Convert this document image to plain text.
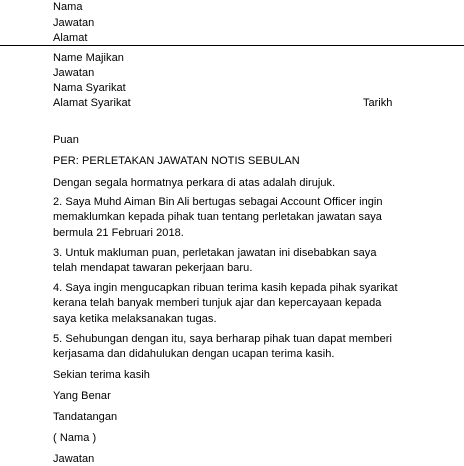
Nama
Jawatan
Alamat
Name Majikan
Jawatan
Nama Syarikat
Alamat Syarikat	Tarikh
Puan
PER: PERLETAKAN JAWATAN NOTIS SEBULAN
Dengan segala hormatnya perkara di atas adalah dirujuk.
2. Saya Muhd Aiman Bin Ali bertugas sebagai Account Officer ingin
memaklumkan kepada pihak tuan tentang perletakan jawatan saya
bermula 21 Februari 2018.
3. Untuk makluman puan, perletakan jawatan ini disebabkan saya
telah mendapat tawaran pekerjaan baru.
4. Saya ingin mengucapkan ribuan terima kasih kepada pihak syarikat
kerana telah banyak memberi tunjuk ajar dan kepercayaan kepada
saya ketika melaksanakan tugas.
5. Sehubungan dengan itu, saya berharap pihak tuan dapat memberi
kerjasama dan didahulukan dengan ucapan terima kasih.
Sekian terima kasih
Yang Benar
Tandatangan
( Nama )
Jawatan
